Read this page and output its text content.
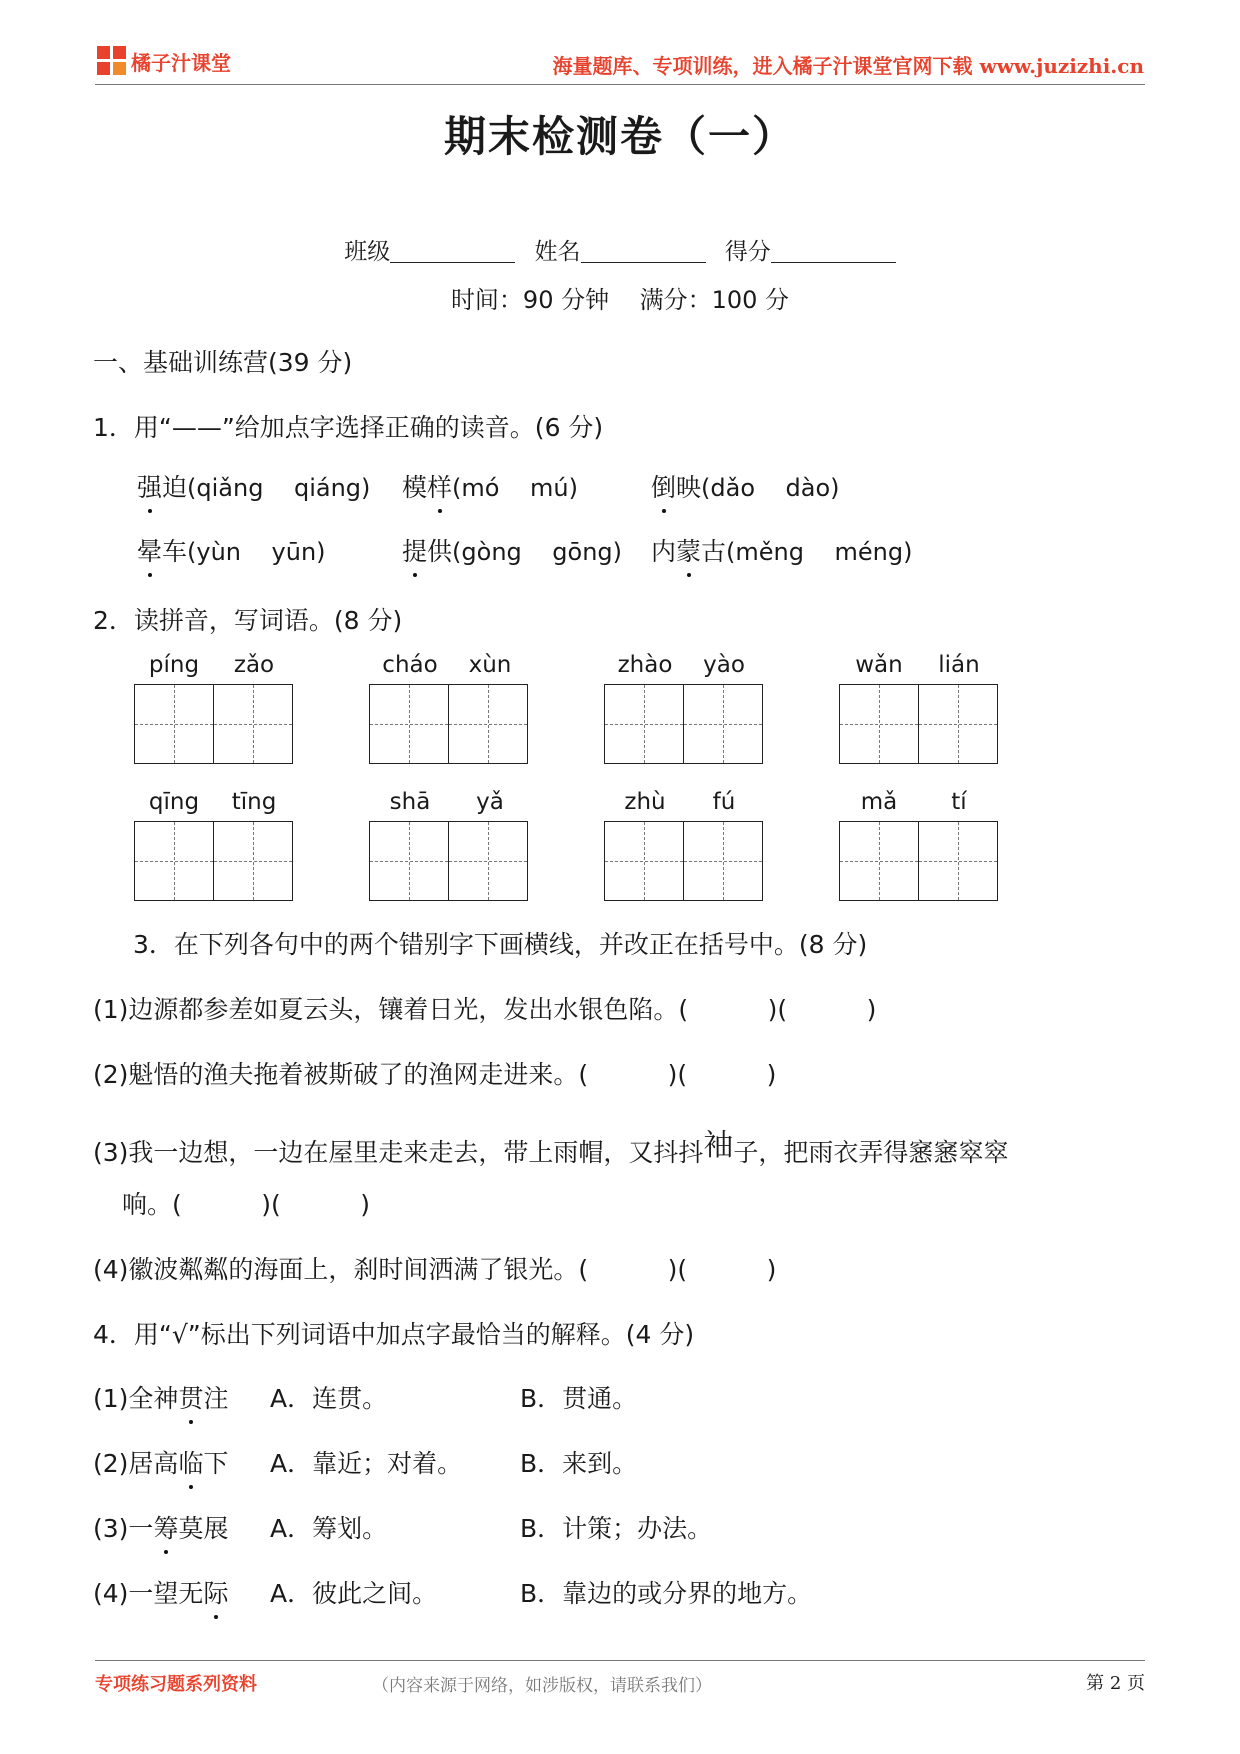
橘子汁课堂	海量题库、专项训练，进入橘子汁课堂官网下载 www.juzizhi.cn
期末检测卷（一）
班级	姓名	得分
时间：90 分钟    满分：100 分
一、基础训练营(39 分)
1．用“——”给加点字选择正确的读音。(6 分)
强迫(qiǎng    qiáng) 模样(mó    mú)	倒映(dǎo    dào)
晕车(yùn    yūn)	提供(gòng    gōng) 内蒙古(měng    méng)
2．读拼音，写词语。(8 分)
píng	zǎo	cháo	xùn	zhào	yào	wǎn	lián
qīng	tīng	shā	yǎ	zhù	fú	mǎ	tí
3．在下列各句中的两个错别字下画横线，并改正在括号中。(8 分)
(1)边源都参差如夏云头，镶着日光，发出水银色陷。(          )(          )
(2)魁悟的渔夫拖着被斯破了的渔网走进来。(          )(          )
(3)我一边想，一边在屋里走来走去，带上雨帽，又抖抖袖子，把雨衣弄得窸窸窣窣
响。(          )(          )
(4)徽波粼粼的海面上，刹时间洒满了银光。(          )(          )
4．用“√”标出下列词语中加点字最恰当的解释。(4 分)
(1)全神贯注 A．连贯。	B．贯通。
(2)居高临下 A．靠近；对着。 B．来到。
(3)一筹莫展 A．筹划。	B．计策；办法。
(4)一望无际 A．彼此之间。	B．靠边的或分界的地方。
专项练习题系列资料	（内容来源于网络，如涉版权，请联系我们）	第 2 页
